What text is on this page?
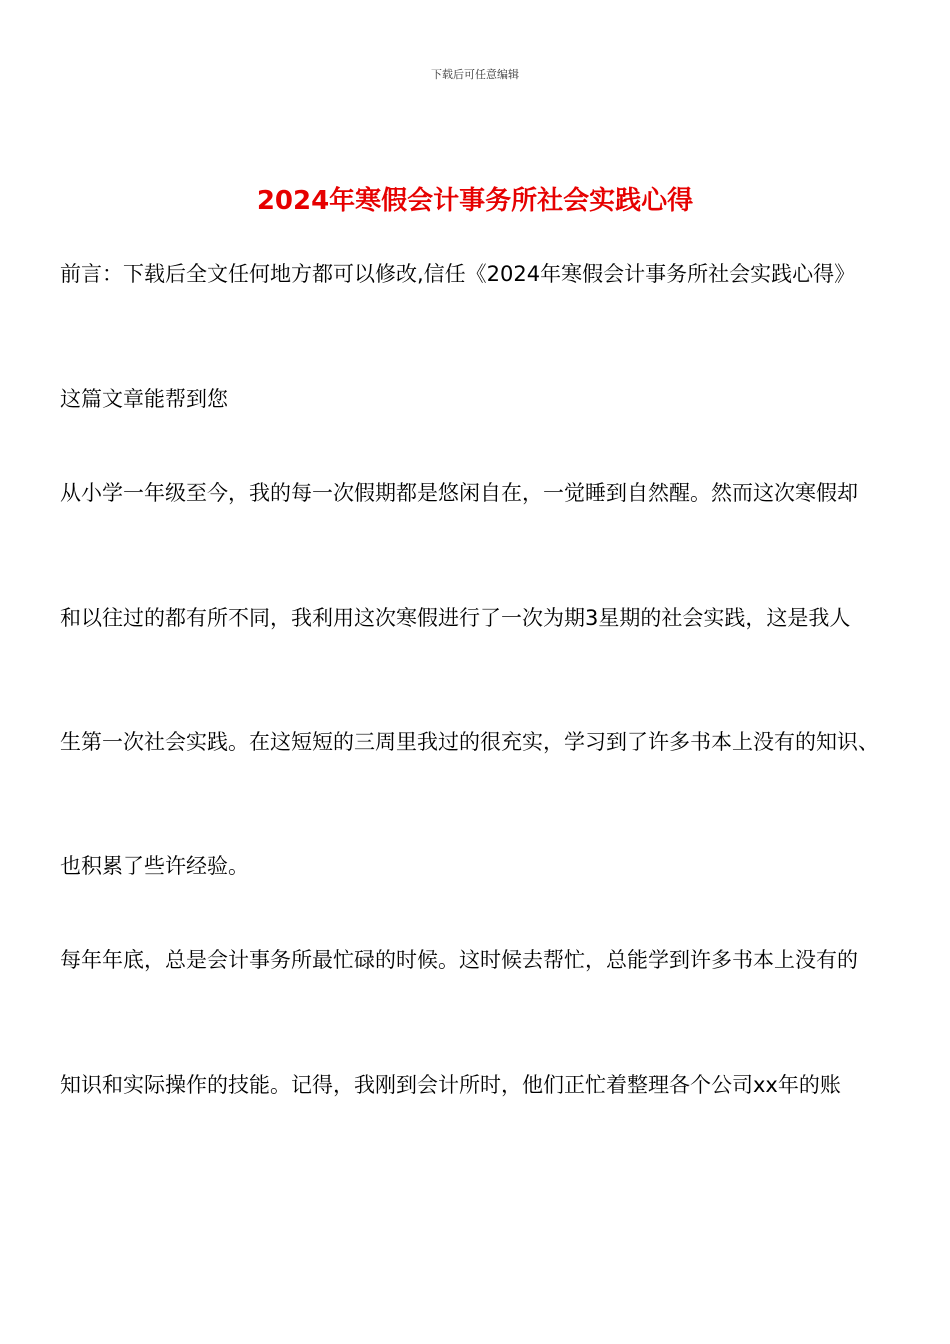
下载后可任意编辑
2024年寒假会计事务所社会实践心得
前言：下载后全文任何地方都可以修改,信任《2024年寒假会计事务所社会实践心得》
这篇文章能帮到您
从小学一年级至今，我的每一次假期都是悠闲自在，一觉睡到自然醒。然而这次寒假却
和以往过的都有所不同，我利用这次寒假进行了一次为期3星期的社会实践，这是我人
生第一次社会实践。在这短短的三周里我过的很充实，学习到了许多书本上没有的知识、
也积累了些许经验。
每年年底，总是会计事务所最忙碌的时候。这时候去帮忙，总能学到许多书本上没有的
知识和实际操作的技能。记得，我刚到会计所时，他们正忙着整理各个公司xx年的账
